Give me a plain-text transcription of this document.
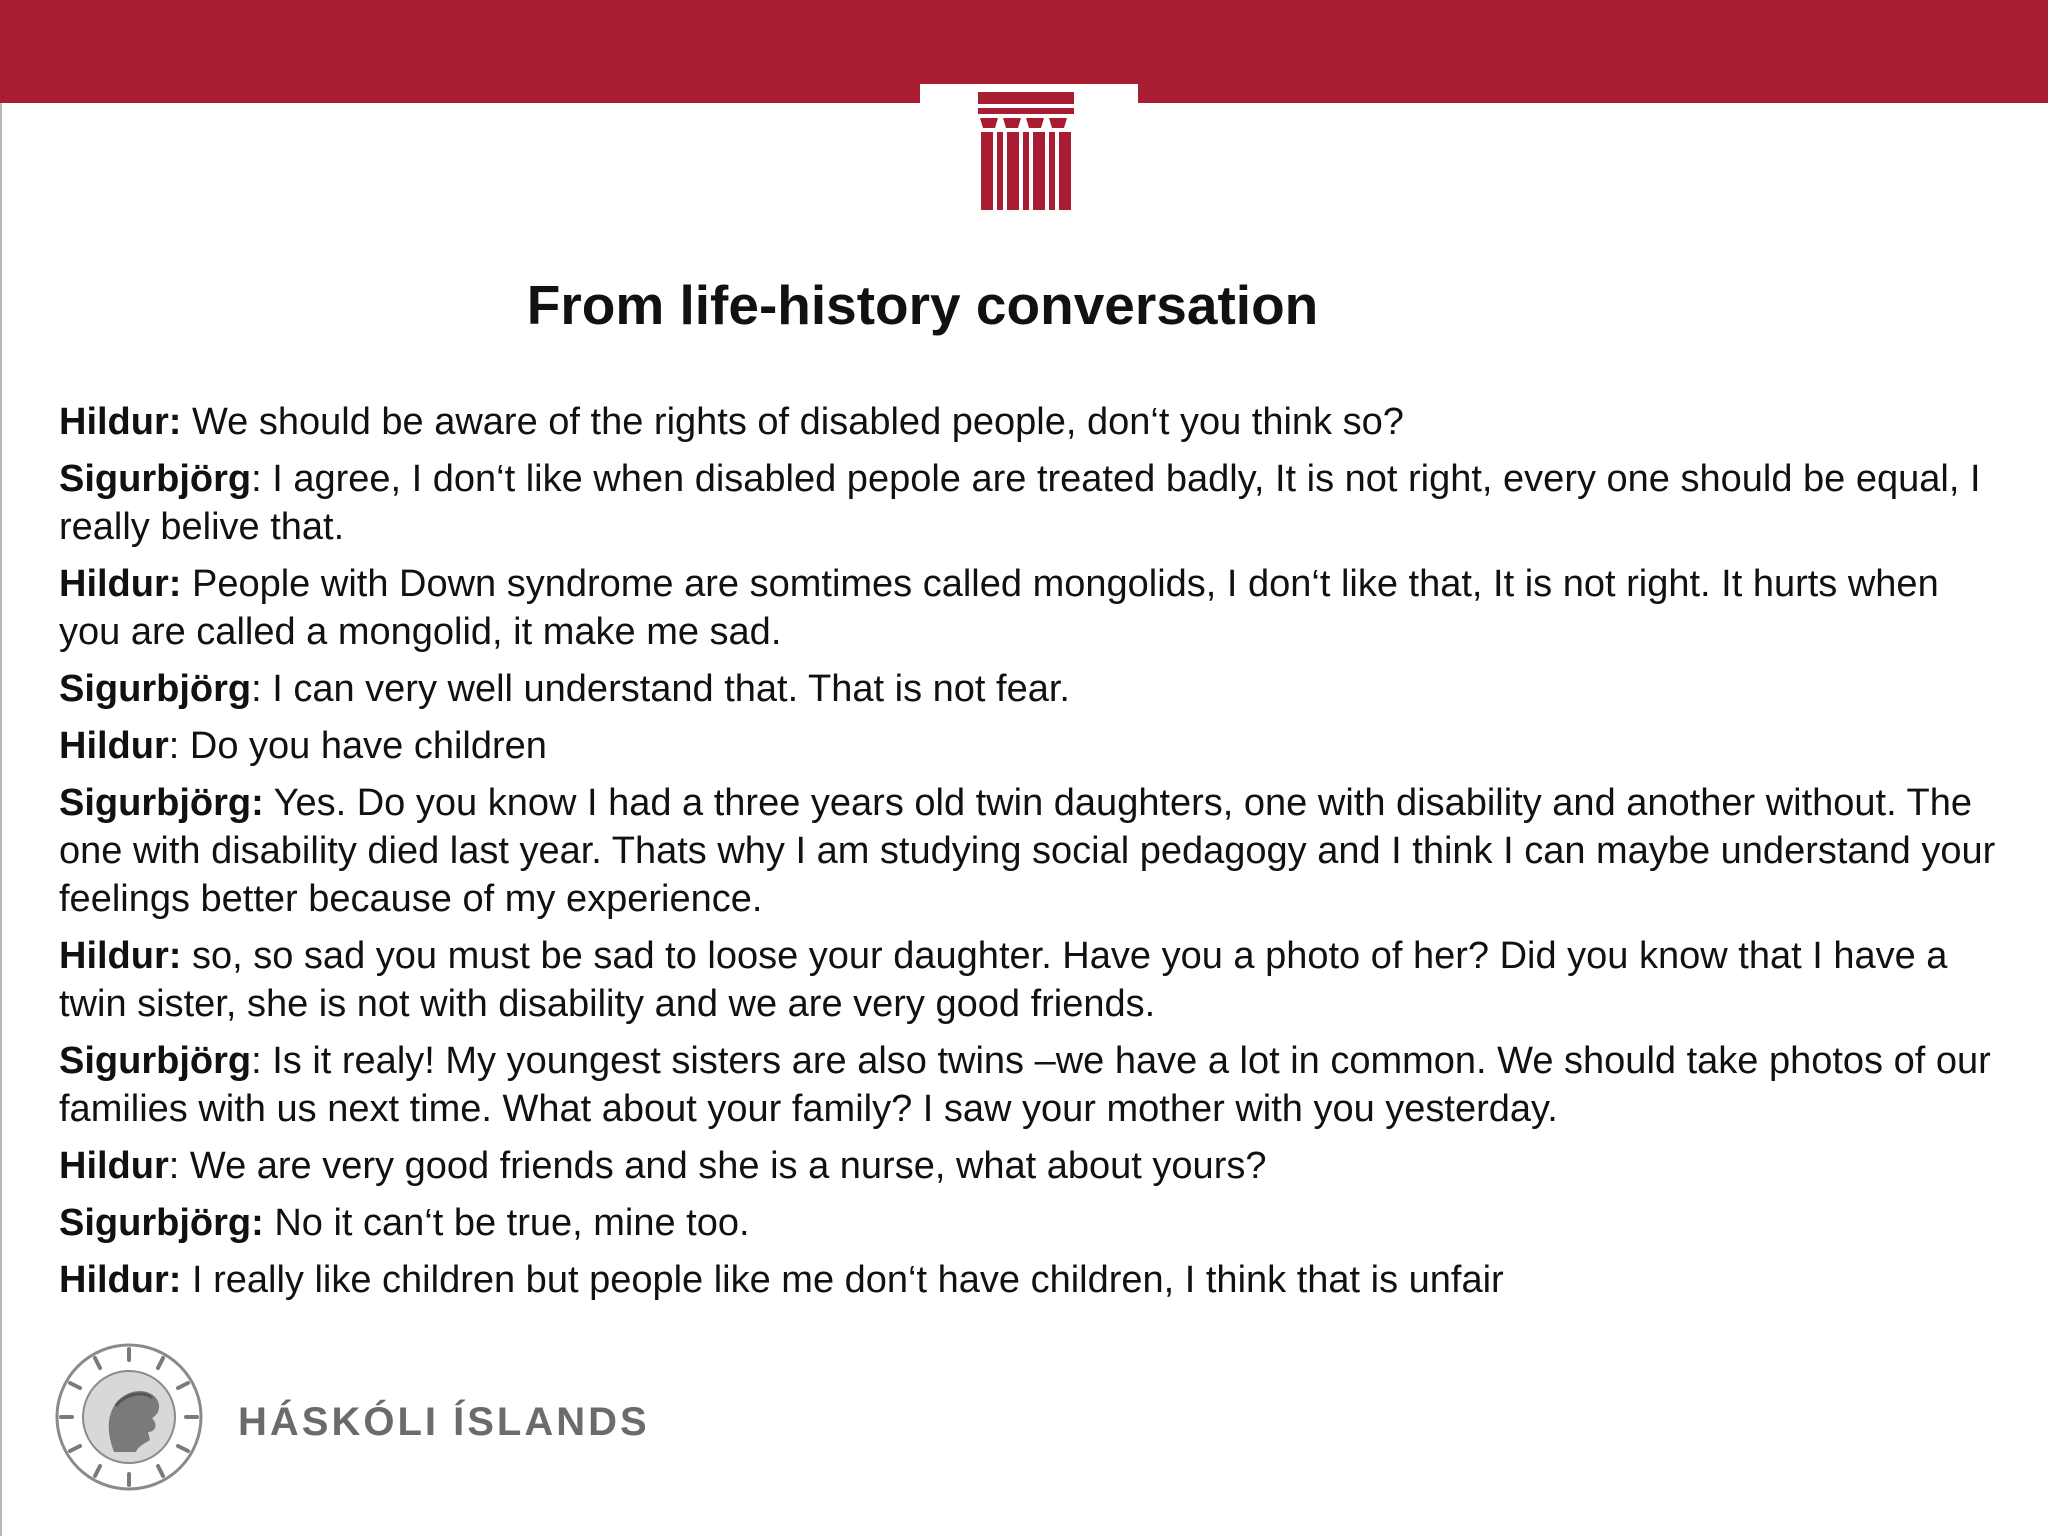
From life-history conversation

Hildur: We should be aware of the rights of disabled people, don‘t you think so?

Sigurbjörg: I agree, I don‘t like when disabled pepole are treated badly, It is not right, every one should be equal, I really belive that.

Hildur: People with Down syndrome are somtimes called mongolids, I don‘t like that, It is not right. It hurts when you are called a mongolid, it make me sad.

Sigurbjörg: I can very well understand that. That is not fear.

Hildur: Do you have children

Sigurbjörg: Yes. Do you know I had a three years old twin daughters, one with disability and another without. The one with disability died last year. Thats why I am studying social pedagogy and I think I can maybe understand your feelings better because of my experience.

Hildur: so, so sad you must be sad to loose your daughter. Have you a photo of her? Did you know that I have a twin sister, she is not with disability and we are very good friends.

Sigurbjörg: Is it realy! My youngest sisters are also twins –we have a lot in common. We should take photos of our families with us next time. What about your family? I saw your mother with you yesterday.

Hildur: We are very good friends and she is a nurse, what about yours?

Sigurbjörg: No it can‘t be true, mine too.

Hildur: I really like children but people like me don‘t have children, I think that is unfair

HÁSKÓLI ÍSLANDS
